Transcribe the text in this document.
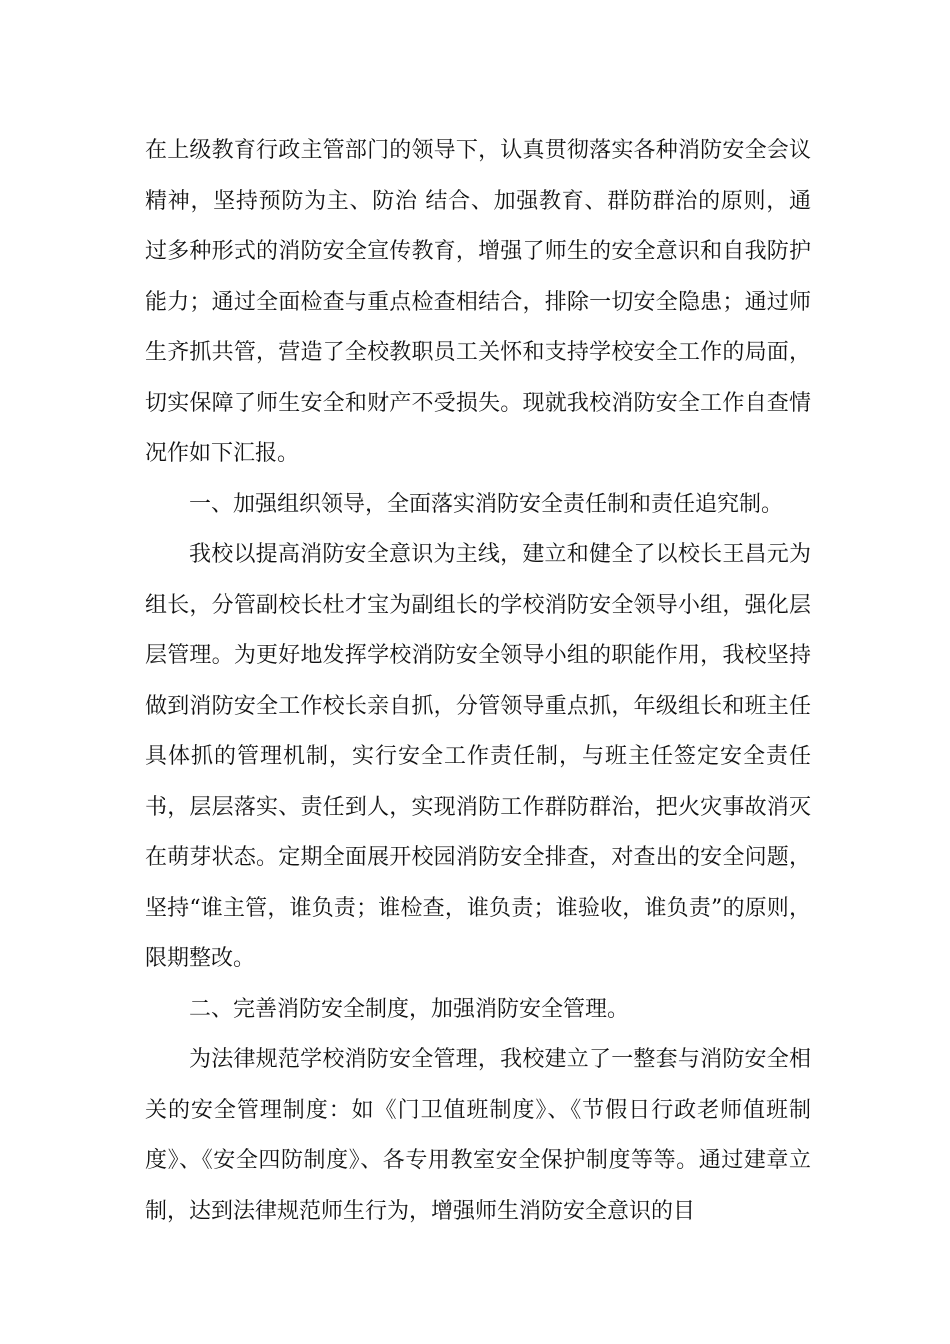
在上级教育行政主管部门的领导下，认真贯彻落实各种消防安全会议精神，坚持预防为主、防治 结合、加强教育、群防群治的原则，通过多种形式的消防安全宣传教育，增强了师生的安全意识和自我防护能力；通过全面检查与重点检查相结合，排除一切安全隐患；通过师生齐抓共管，营造了全校教职员工关怀和支持学校安全工作的局面，切实保障了师生安全和财产不受损失。现就我校消防安全工作自查情况作如下汇报。

一、加强组织领导，全面落实消防安全责任制和责任追究制。

我校以提高消防安全意识为主线，建立和健全了以校长王昌元为组长，分管副校长杜才宝为副组长的学校消防安全领导小组，强化层层管理。为更好地发挥学校消防安全领导小组的职能作用，我校坚持做到消防安全工作校长亲自抓，分管领导重点抓，年级组长和班主任具体抓的管理机制，实行安全工作责任制，与班主任签定安全责任书，层层落实、责任到人，实现消防工作群防群治，把火灾事故消灭在萌芽状态。定期全面展开校园消防安全排查，对查出的安全问题，坚持“谁主管，谁负责；谁检查，谁负责；谁验收，谁负责”的原则，限期整改。

二、完善消防安全制度，加强消防安全管理。

为法律规范学校消防安全管理，我校建立了一整套与消防安全相关的安全管理制度：如《门卫值班制度》、《节假日行政老师值班制度》、《安全四防制度》、各专用教室安全保护制度等等。通过建章立制，达到法律规范师生行为，增强师生消防安全意识的目
